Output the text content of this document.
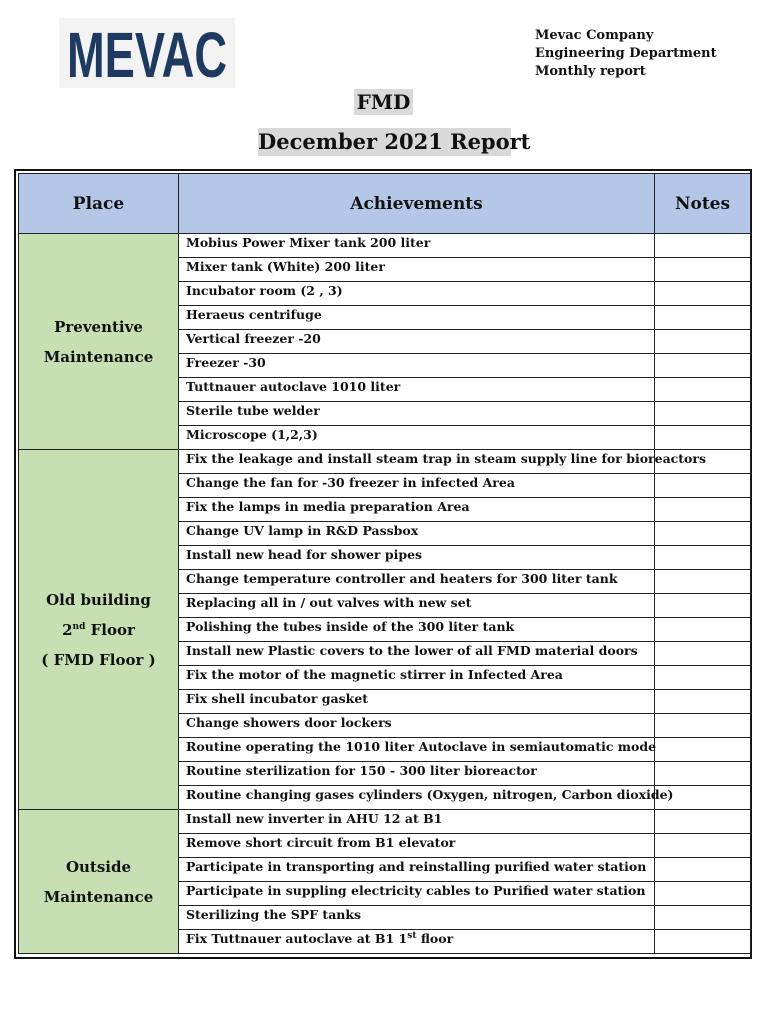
MEVAC	Mevac Company
Engineering Department
Monthly report
FMD
December 2021 Report
Place	Achievements	Notes

Preventive
Maintenance	Mobius Power Mixer tank 200 liter	
	Mixer tank (White) 200 liter	
	Incubator room (2 , 3)	
	Heraeus centrifuge	
	Vertical freezer -20	
	Freezer -30	
	Tuttnauer autoclave 1010 liter	
	Sterile tube welder	
	Microscope (1,2,3)	

Old building
2nd Floor
( FMD Floor )	Fix the leakage and install steam trap in steam supply line for bioreactors	
	Change the fan for -30 freezer in infected Area	
	Fix the lamps in media preparation Area	
	Change UV lamp in R&D Passbox	
	Install new head for shower pipes	
	Change temperature controller and heaters for 300 liter tank	
	Replacing all in / out valves with new set	
	Polishing the tubes inside of the 300 liter tank	
	Install new Plastic covers to the lower of all FMD material doors	
	Fix the motor of the magnetic stirrer in Infected Area	
	Fix shell incubator gasket	
	Change showers door lockers	
	Routine operating the 1010 liter Autoclave in semiautomatic mode	
	Routine sterilization for 150 - 300 liter bioreactor	
	Routine changing gases cylinders (Oxygen, nitrogen, Carbon dioxide)	

Outside
Maintenance	Install new inverter in AHU 12 at B1	
	Remove short circuit from B1 elevator	
	Participate in transporting and reinstalling purified water station	
	Participate in suppling electricity cables to Purified water station	
	Sterilizing the SPF tanks	
	Fix Tuttnauer autoclave at B1 1st floor	
